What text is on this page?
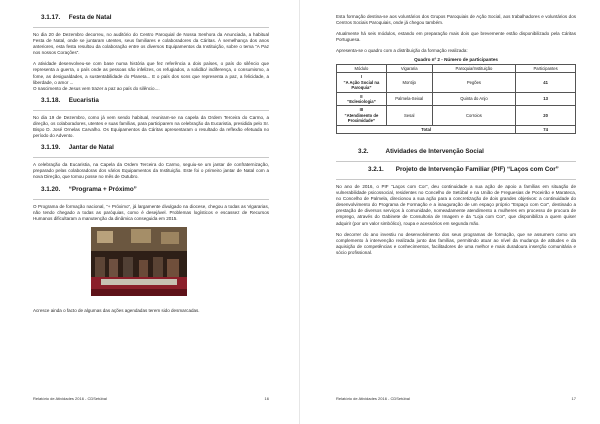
3.1.17. Festa de Natal
No dia 20 de Dezembro decorreu, no auditório do Centro Paroquial de Nossa Senhora da Anunciada, a habitual Festa de Natal, onde se juntaram utentes, seus familiares e colaboradores da Cáritas. À semelhança dos anos anteriores, esta festa resultou da colaboração entre os diversos Equipamentos da Instituição, sobre o tema “A Paz nos nossos Corações”.
A atividade desenvolveu-se com base numa história que fez referência a dois países, o país do silêncio que representa a guerra, o país onde as pessoas são infelizes, os refugiados, a solidão/ indiferença, o consumismo, a fome, as desigualdades, a sustentabilidade do Planeta... E o país dos sons que representa a paz, a felicidade, a liberdade, o amor ...
O nascimento de Jesus vem trazer a paz ao país do silêncio....
3.1.18. Eucaristia
No dia 19 de Dezembro, como já vem sendo habitual, reuniram-se na capela da Ordem Terceira do Carmo, a direção, os colaboradores, utentes e suas famílias, para participarem na celebração da Eucaristia, presidida pelo Sr. Bispo D. José Ornelas Carvalho. Os Equipamentos da Cáritas apresentaram o resultado da reflexão efetuada no período do Advento.
3.1.19. Jantar de Natal
A celebração da Eucaristia, na Capela da Ordem Terceira do Carmo, seguiu-se um jantar de confraternização, preparado pelas colaboradoras dos vários Equipamentos da Instituição. Este foi o primeiro jantar de Natal com a nova Direção, que tomou posse no mês de Outubro.
3.1.20. “Programa + Próximo”
O Programa de formação nacional, “+ Próximo”, já largamente divulgado na diocese, chegou a todas as Vigararias, não tendo chegado a todas as paróquias, como é desejável. Problemas logísticos e escassez de Recursos Humanos dificultaram a manutenção da dinâmica conseguida em 2015.
Acresce ainda o facto de algumas das ações agendadas terem sido desmarcadas.
Relatório de Atividades 2016 - CDSetúbal	16
Esta formação destina-se aos voluntários dos Grupos Paroquiais de Ação Social, aos trabalhadores e voluntários dos Centros Sociais Paroquiais, onde já chegou também.
Atualmente há seis módulos, estando em preparação mais dois que brevemente estão disponibilizado pela Cáritas Portuguesa.
Apresenta-se o quadro com a distribuição da formação realizada:
Quadro nº 2 - Número de participantes			
Módulo	Vigararia	Paroquia/Instituição	Participantes

I
“A Ação Social na Paroquia”	Montijo	Pegões	41

II
“Eclesiologia”	Palmela-Seixal	Quinta do Anjo	13

III
“Atendimento de Proximidade”	Sesal	Corroios	20
Total			74
3.2.	Atividades de Intervenção Social
3.2.1. Projeto de Intervenção Familiar (PIF) “Laços com Cor”
No ano de 2016, o PIF “Laços com Cor”, deu continuidade a sua ação de apoio a famílias em situação de vulnerabilidade psicossocial, residentes no Concelho de Setúbal e na União de Freguesias de Poceirão e Marateca, no Concelho de Palmela, direcionou a sua ação para a concretização de dois grandes objetivos: a continuidade do desenvolvimento do Programa de Formação e a inauguração de um espaço próprio “Espaço com Cor”, destinado a prestação de diversos serviços à comunidade, nomeadamente atendimento a mulheres em processo de procura de emprego, através do Gabinete de Consultoria de Imagem e da “Loja com Cor”, que disponibiliza a quem quiser adquirir (por um valor simbólico), roupa e acessórios em segunda mão.
No decorrer do ano investiu no desenvolvimento dos seus programas de formação, que se assumem como um complemento à intervenção realizada junto das famílias, permitindo atuar ao nível da mudança de atitudes e da aquisição de competências e conhecimentos, facilitadores de uma melhor e mais duradoura inserção comunitária e sócio profissional.
Relatório de Atividades 2016 - CDSetúbal	17
